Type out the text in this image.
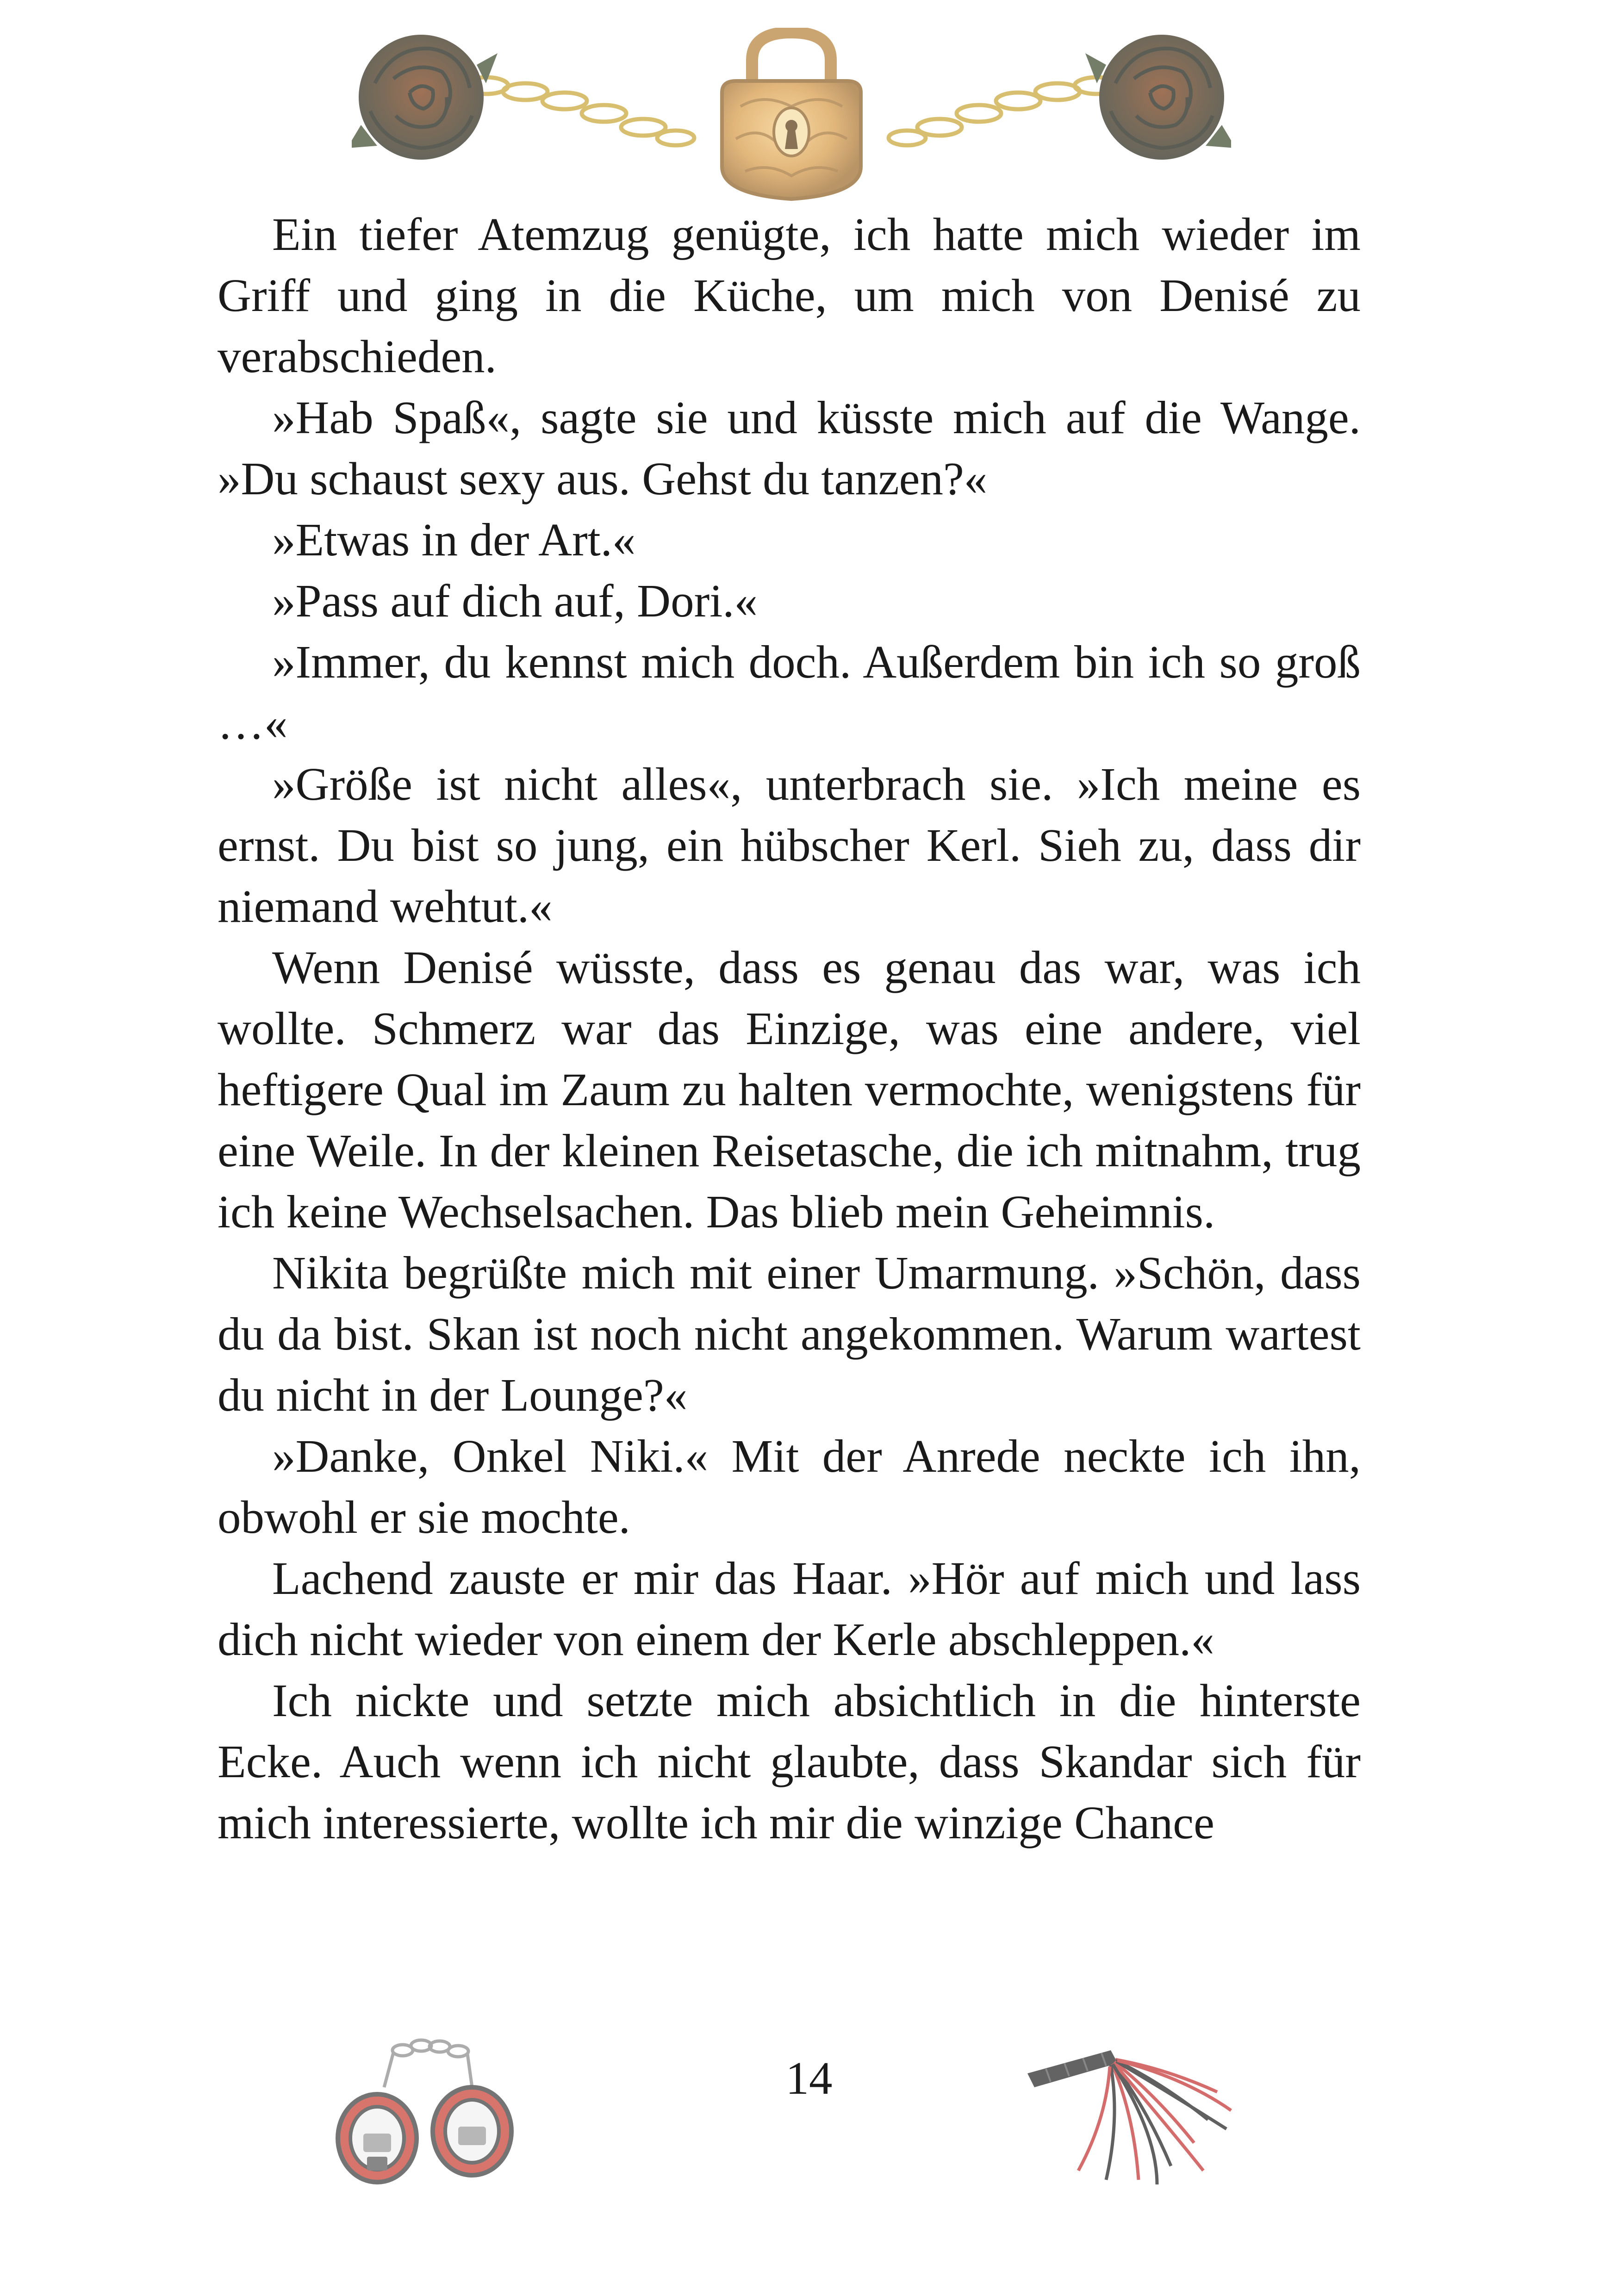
Ein tiefer Atemzug genügte, ich hatte mich wieder im Griff und ging in die Küche, um mich von Denisé zu verabschieden.

»Hab Spaß«, sagte sie und küsste mich auf die Wange. »Du schaust sexy aus. Gehst du tanzen?«

»Etwas in der Art.«

»Pass auf dich auf, Dori.«

»Immer, du kennst mich doch. Außerdem bin ich so groß …«

»Größe ist nicht alles«, unterbrach sie. »Ich meine es ernst. Du bist so jung, ein hübscher Kerl. Sieh zu, dass dir niemand wehtut.«

Wenn Denisé wüsste, dass es genau das war, was ich wollte. Schmerz war das Einzige, was eine andere, viel heftigere Qual im Zaum zu halten vermochte, wenigstens für eine Weile. In der kleinen Reisetasche, die ich mitnahm, trug ich keine Wechselsachen. Das blieb mein Geheimnis.

Nikita begrüßte mich mit einer Umarmung. »Schön, dass du da bist. Skan ist noch nicht angekommen. Warum wartest du nicht in der Lounge?«

»Danke, Onkel Niki.« Mit der Anrede neckte ich ihn, obwohl er sie mochte.

Lachend zauste er mir das Haar. »Hör auf mich und lass dich nicht wieder von einem der Kerle abschleppen.«

Ich nickte und setzte mich absichtlich in die hinterste Ecke. Auch wenn ich nicht glaubte, dass Skandar sich für mich interessierte, wollte ich mir die winzige Chance

14
